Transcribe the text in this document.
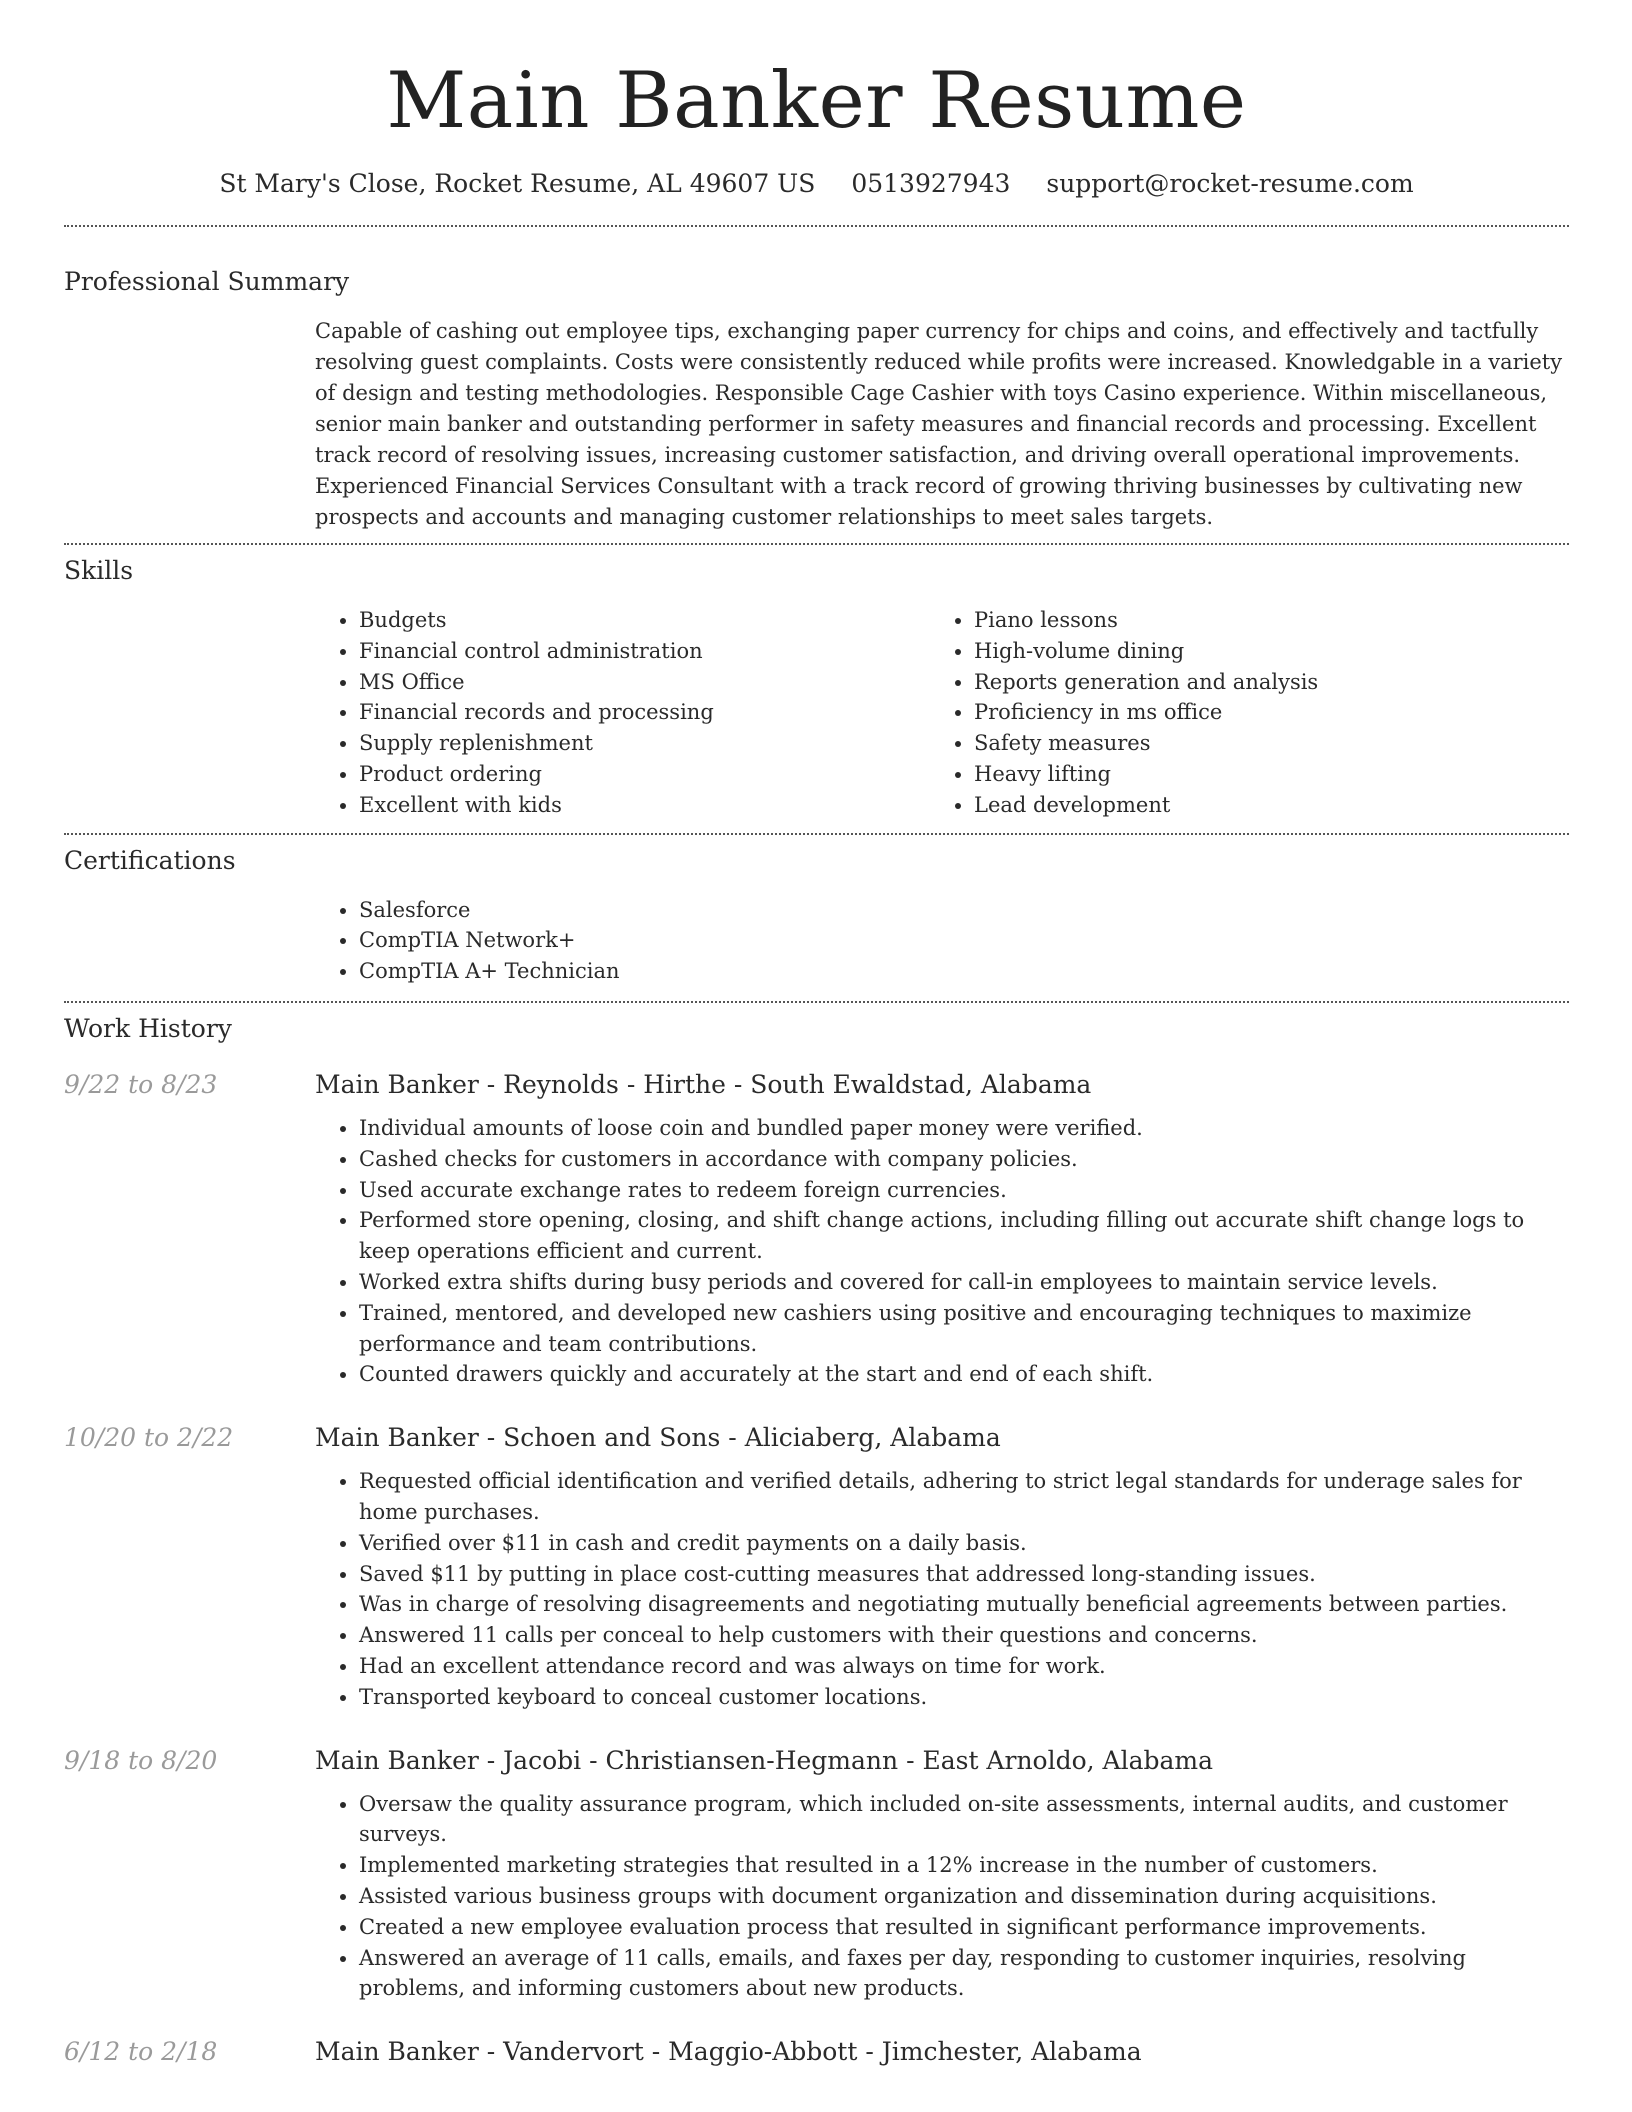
Main Banker Resume
St Mary's Close, Rocket Resume, AL 49607 US 0513927943 support@rocket-resume.com
Professional Summary
Capable of cashing out employee tips, exchanging paper currency for chips and coins, and effectively and tactfully resolving guest complaints. Costs were consistently reduced while profits were increased. Knowledgable in a variety of design and testing methodologies. Responsible Cage Cashier with toys Casino experience. Within miscellaneous, senior main banker and outstanding performer in safety measures and financial records and processing. Excellent track record of resolving issues, increasing customer satisfaction, and driving overall operational improvements. Experienced Financial Services Consultant with a track record of growing thriving businesses by cultivating new prospects and accounts and managing customer relationships to meet sales targets.
Skills
• Budgets
• Financial control administration
• MS Office
• Financial records and processing
• Supply replenishment
• Product ordering
• Excellent with kids
• Piano lessons
• High-volume dining
• Reports generation and analysis
• Proficiency in ms office
• Safety measures
• Heavy lifting
• Lead development
Certifications
• Salesforce
• CompTIA Network+
• CompTIA A+ Technician
Work History
9/22 to 8/23	Main Banker - Reynolds - Hirthe - South Ewaldstad, Alabama
• Individual amounts of loose coin and bundled paper money were verified.
• Cashed checks for customers in accordance with company policies.
• Used accurate exchange rates to redeem foreign currencies.
• Performed store opening, closing, and shift change actions, including filling out accurate shift change logs to keep operations efficient and current.
• Worked extra shifts during busy periods and covered for call-in employees to maintain service levels.
• Trained, mentored, and developed new cashiers using positive and encouraging techniques to maximize performance and team contributions.
• Counted drawers quickly and accurately at the start and end of each shift.
10/20 to 2/22	Main Banker - Schoen and Sons - Aliciaberg, Alabama
• Requested official identification and verified details, adhering to strict legal standards for underage sales for home purchases.
• Verified over $11 in cash and credit payments on a daily basis.
• Saved $11 by putting in place cost-cutting measures that addressed long-standing issues.
• Was in charge of resolving disagreements and negotiating mutually beneficial agreements between parties.
• Answered 11 calls per conceal to help customers with their questions and concerns.
• Had an excellent attendance record and was always on time for work.
• Transported keyboard to conceal customer locations.
9/18 to 8/20	Main Banker - Jacobi - Christiansen-Hegmann - East Arnoldo, Alabama
• Oversaw the quality assurance program, which included on-site assessments, internal audits, and customer surveys.
• Implemented marketing strategies that resulted in a 12% increase in the number of customers.
• Assisted various business groups with document organization and dissemination during acquisitions.
• Created a new employee evaluation process that resulted in significant performance improvements.
• Answered an average of 11 calls, emails, and faxes per day, responding to customer inquiries, resolving problems, and informing customers about new products.
6/12 to 2/18	Main Banker - Vandervort - Maggio-Abbott - Jimchester, Alabama
